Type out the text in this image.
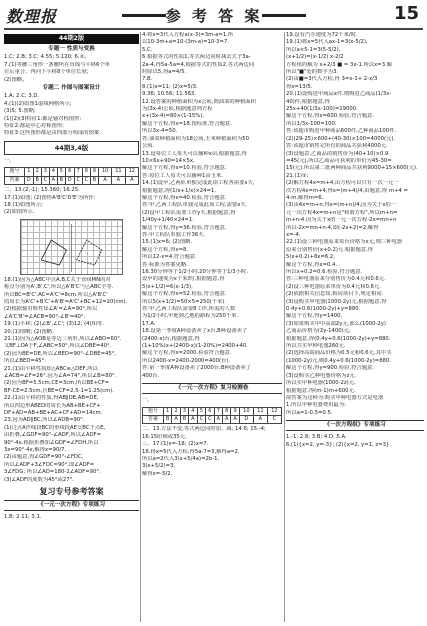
数理报	参 考 答 案	15
44期2版
专题一 性质与变换
1.C; 2.B; 3.C; 4.55; 5.120; 6.②。
7.(1)等腰三角形一条腰所在直线与平移6个单
位后重合，再向下平移8个单位长度;
(2)图略。
专题二 作图与图案设计
1.A; 2.C; 3.D.
4.(1)(2)如图1虚线网格所示;
(3)5; 5.图略;
(1)(2)(3)特征1:都是轴对称图形;
特征2:都是中心对称图形;
特征3:这些图形都是由四部分构成的图案.
44期3,4版
一、
题号	1	2	3	4	5	6	7	8	9	10	11	12
答案	D	B	C	A	B	D	C	C	B	A	A	A
二、13.(2,-1); 15.360; 16.25.
17.(1)如图; (2)图形A'B'C'D'E'为所作;
18.(1)如图所示;
(2)如图所示.
18.(1)因为△ABC中点A,B,C关于直线MN的对
称点分别为A',B',C',所以△A'B'C'与△ABC全等.
所以BC=B'C',AC=A'C'=8cm.所以△A'B'C'
的周长为A'C'+B'C'+A'B'=A'C'+BC+12=20(cm).
(2)根据轴对称性知∠A'=∠A=90°,所以
∠A'C'B'=∠ACB=90°-∠B'=40°.
19.(1)平移; (2)∠B',∠C'; (3)12; (4)相等.
20.(1)图略; (2)图略.
21.(1)因为△AOB是等边三角形,所以∠ABO=60°.
又BF⊥OA于F,∠ABC=50°,所以∠DBE=40°.
(2)因为BE=DE,所以∠BED=90°-∠DBE=45°,
所以∠BED=45°.
21.(1)由平移性质知△ABC≅△DEF,所以
∠ACB=∠F=26°.因为∠A=74°,所以∠B=80°.
(2)因为BF=5.5cm,CE=3cm,所以BE+CF=
BF-CE=2.5cm,且BE=CF=2.5-1=1.25(cm).
22.(1)由平移的性质,得AB∥DE,AB=DE,
所以四边形ABED的周长为AB+BE+CF+
DF+AD=AB+BE+AC+CF+AD=14cm.
23.因为AD∥BC,所以∠ADB=90°.
(1)过点A作线段BC的垂线段AE交BC于点E,
由折叠,∠GDF=90°-∠ADF,所以∠ADF=
90°-4x.根据折叠知∠GDF=∠FDH,所以
3x=90°-4x,解得x=90/7.
(2)由题意,得∠GDF=90°-∠FDC,
所以∠ADF+3∠FDC=90°,即∠ADF=
3∠FDG; 所以∠AD=180-2∠ADF=90°.
(3)∠ADF的度数为45°或27°.
复习专号参考答案
《一元一次方程》专项练习
1.B; 2.11; 3.1.
4.将x=3代入方程a(x-3)=3m-a=1.所
以10-3m+a=10-(3m-a)=10-3=7.
5.C.
6.根据等式的性质1,等式两边同时减去式子3a-
2a-4,得5a-5a=4,根据等式的性质2,等式两边同
时除以5,得a=4/5.
7.B.
8.(1)x=11; (2)x=5/3.
9.36; 10.56; 11.563.
12.设答案的种植面积为x公顷,则油菜的种植面积
为(3x-4)公顷,根据题意列方程
x+(3x-4)=80×(1-15%),
解这个方程,得x=18.按标准,符合题意.
所以3x-4=50.
答:油菜种植面积为18公顷,玉米种植面积为50
公顷.
13.设每位工人每天可以播种x亩,根据题意,得
10×6x+90=14×5x,
解这个方程,得x=10.检验,符合题意.
答:每位工人每天可以播种1亩玉米.
14.(1)设甲,乙两队单独完成此项工程各需要x天,
根据题意,得(1/x+1/x)×24=1,
解这个方程,得x=40.检验,符合题意.
答:甲,乙两工程队单独完成此项工程,需要x天.
(2)设甲工程队需要工作y天,根据题意,得
1/40y+1/40×24=1.
解这个方程,得y=36.检验,符合题意.
答:甲工程队单独工作36天.
15.(1)x=6; (2)图略.
解这个方程,得x=8.
所以12-x=4.符合题意.
答:标准为答案见略.
16.30分钟等于1/2小时,20分钟等于1/3小时.
设甲的速度为x千米/时,根据题意,得
5(x+1/2)=6(x-1/3),
解这个方程,得x=52.检验,符合题意.
所以5(x+1/2)=50×5=250(千米).
答:甲,乙两工程队需要8工作,所需的人数
为1/2小时,甲地到乙地的路程为250千米.
17.A.
18.设第一季度A种设备卖了x台,B种设备卖了
(2400-x)台,根据题意,得
(1+10%)x+(2400-x)(1-20%)=2400+40.
解这个方程,得x=2000.检验符合题意.
所以2400-x=2400-2000=400(台).
答:第一季度A种设备卖了2000台,B种设备卖了
400台.
《一元一次方程》复习检测卷
一、
题号	1	2	3	4	5	6	7	8	9	10	11	12
答案	B	A	B	A	C	C	A	A	A	D	A	C
二、13.方法不变,等式两边同时加、减; 14.6; 15.-4;
16.15阶梯或35元.
三、17.(1)x=-18; (2)x=7.
18.将x=5代入方程,得5a-7=3,解得a=2.
所以a=2代入3(x+5/4a)=2b-1,
3(x+5/2)=3,
解得x=-5/2.
19.设有汽车速度为72千米/时.
19.(1)将x=5代入ax-1=3(x-5/2),
所以a×5-1=3(5-5/2),
(x+1/2)=(x-1/2) x-2/2
方程组的解为 x+2/3 ■ = 3x-1.所以x=3.解
所以"■"处的数字为3.
(2)由■=3代入方程,得 3=x-1+ 2-x/3
得x=13/5.
20.(1)设购进甲商品x件,则购进乙商品(1/3x-
40)件,根据题意,得
25x+40(1/3x-100)=19000.
解这个方程,得x=600.检验,符合题意.
所以1/3x-100=100.
答:该超市购进甲种商品600件,乙种商品100件.
(2)(29-25)×600+(40-30)×100=4000(元).
答:该超市销售完所有的商品共获利4000元.
(3)设题意,乙商品的销售价为(40+10)×0.9
=45(元),所以乙商品可获利的单价为45-30=
15(元).所以第二批两种商品共获利9000+15×600(元).
21.(1)②;
(2)解方程4x=m+4,由方程可以只有一次一元一
次方程4x=m+4,得x=(m+4)/4,由题意,得 m+4 =
4-m,解得m=6.
(3)由4x=m+n,得x=(m+n)/4,因为关于x的一
元一次方程4x=m+n是"和谐方程",所以m+n=
m+n-4.因为关于x的一元一次方程-2x=mn+n
所以-2x=mn+n-4,即(-2x+2)=2,解得
x=-4.
22.(1)设三种电器原来每台价格为x元,则三种电器
原来分别售价(x+0.2)元.根据题意,得
5(x+0.2)+8x=6.2,
解这个方程,得x=0.4.
所以x+0.2=0.6.检验,符合题意.
答:三种电器原来分别售价为0.4元和0.6元.
(2)设三种电器原来单价为0.4元和0.6元.
(2)依据相关信息知,相同项目下,规定相同.
(3)设购买甲电器(1000-2y)元,根据题意,得
0.4y+0.6(1000-2y)+y=880.
解这个方程,得y=1400.
(3)如果购买甲中高端2y元,那么(1000-2y)
乙商品价格为(2y-1400)元,
根据题意,得(0.4y+0.6(1000-2y)+y=880.
所以共买甲种电器260元.
(2)选择高端商品价格为0.5元和0.6元,其中买
(1000-2y)元,则0.4y+0.6(1000-2y)=880.
解这个方程,得y=900.检验,符合题意.
(3)设购买乙种电器价格为z元.
所以买甲种电器(1000-2z)元.
根据题意,得(m-1)m+600元.
故答案为这种为:购买甲种电器方式是电器
1.所以甲种电器费用最为:
所以a=1-0.5=0.5.
《一次方程组》专项练习
1.-1; 2.8; 3.B; 4.D; 5.A.
6.(1){x=2, y=-3}; (2){x=2, y=1, z=3}.
